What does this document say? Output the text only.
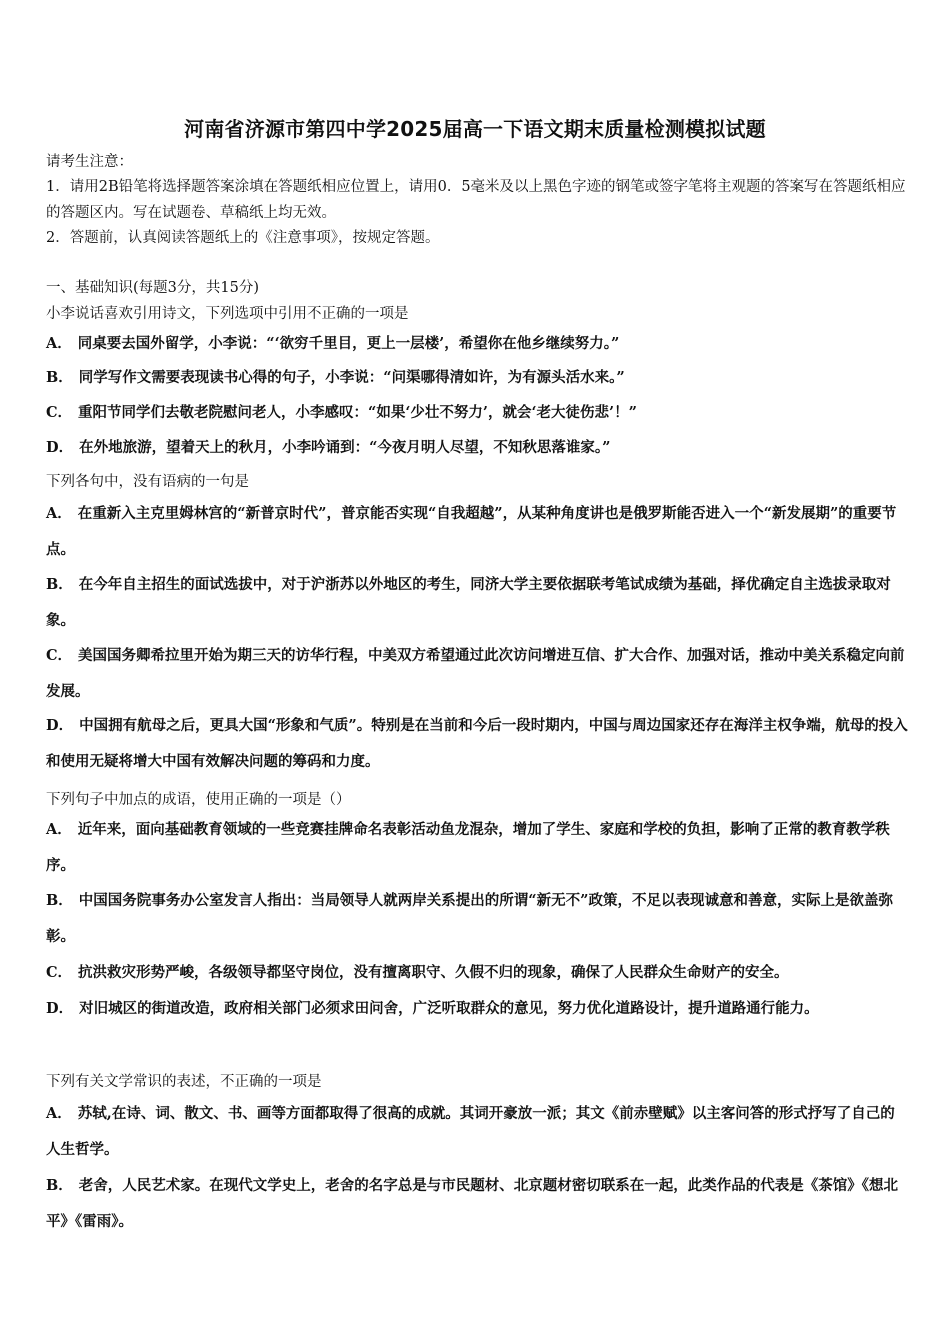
河南省济源市第四中学2025届高一下语文期末质量检测模拟试题

请考生注意：

1．请用2B铅笔将选择题答案涂填在答题纸相应位置上，请用0．5毫米及以上黑色字迹的钢笔或签字笔将主观题的答案写在答题纸相应的答题区内。写在试题卷、草稿纸上均无效。

2．答题前，认真阅读答题纸上的《注意事项》，按规定答题。

一、基础知识(每题3分，共15分)

小李说话喜欢引用诗文，下列选项中引用不正确的一项是

A． 同桌要去国外留学，小李说：“‘欲穷千里目，更上一层楼’，希望你在他乡继续努力。”
B． 同学写作文需要表现读书心得的句子，小李说：“问渠哪得清如许，为有源头活水来。”
C． 重阳节同学们去敬老院慰问老人，小李感叹：“如果‘少壮不努力’，就会‘老大徒伤悲’！”
D． 在外地旅游，望着天上的秋月，小李吟诵到：“今夜月明人尽望，不知秋思落谁家。”

下列各句中，没有语病的一句是

A． 在重新入主克里姆林宫的“新普京时代”，普京能否实现“自我超越”，从某种角度讲也是俄罗斯能否进入一个“新发展期”的重要节点。
B． 在今年自主招生的面试选拔中，对于沪浙苏以外地区的考生，同济大学主要依据联考笔试成绩为基础，择优确定自主选拔录取对象。
C． 美国国务卿希拉里开始为期三天的访华行程，中美双方希望通过此次访问增进互信、扩大合作、加强对话，推动中美关系稳定向前发展。
D． 中国拥有航母之后，更具大国“形象和气质”。特别是在当前和今后一段时期内，中国与周边国家还存在海洋主权争端，航母的投入和使用无疑将增大中国有效解决问题的筹码和力度。

下列句子中加点的成语，使用正确的一项是（）

A． 近年来，面向基础教育领域的一些竞赛挂牌命名表彰活动鱼龙混杂，增加了学生、家庭和学校的负担，影响了正常的教育教学秩序。
B． 中国国务院事务办公室发言人指出：当局领导人就两岸关系提出的所谓“新无不”政策，不足以表现诚意和善意，实际上是欲盖弥彰。
C． 抗洪救灾形势严峻，各级领导都坚守岗位，没有擅离职守、久假不归的现象，确保了人民群众生命财产的安全。
D． 对旧城区的街道改造，政府相关部门必须求田问舍，广泛听取群众的意见，努力优化道路设计，提升道路通行能力。

下列有关文学常识的表述，不正确的一项是

A． 苏轼,在诗、词、散文、书、画等方面都取得了很高的成就。其词开豪放一派；其文《前赤壁赋》以主客问答的形式抒写了自己的人生哲学。
B． 老舍，人民艺术家。在现代文学史上，老舍的名字总是与市民题材、北京题材密切联系在一起，此类作品的代表是《茶馆》《想北平》《雷雨》。
